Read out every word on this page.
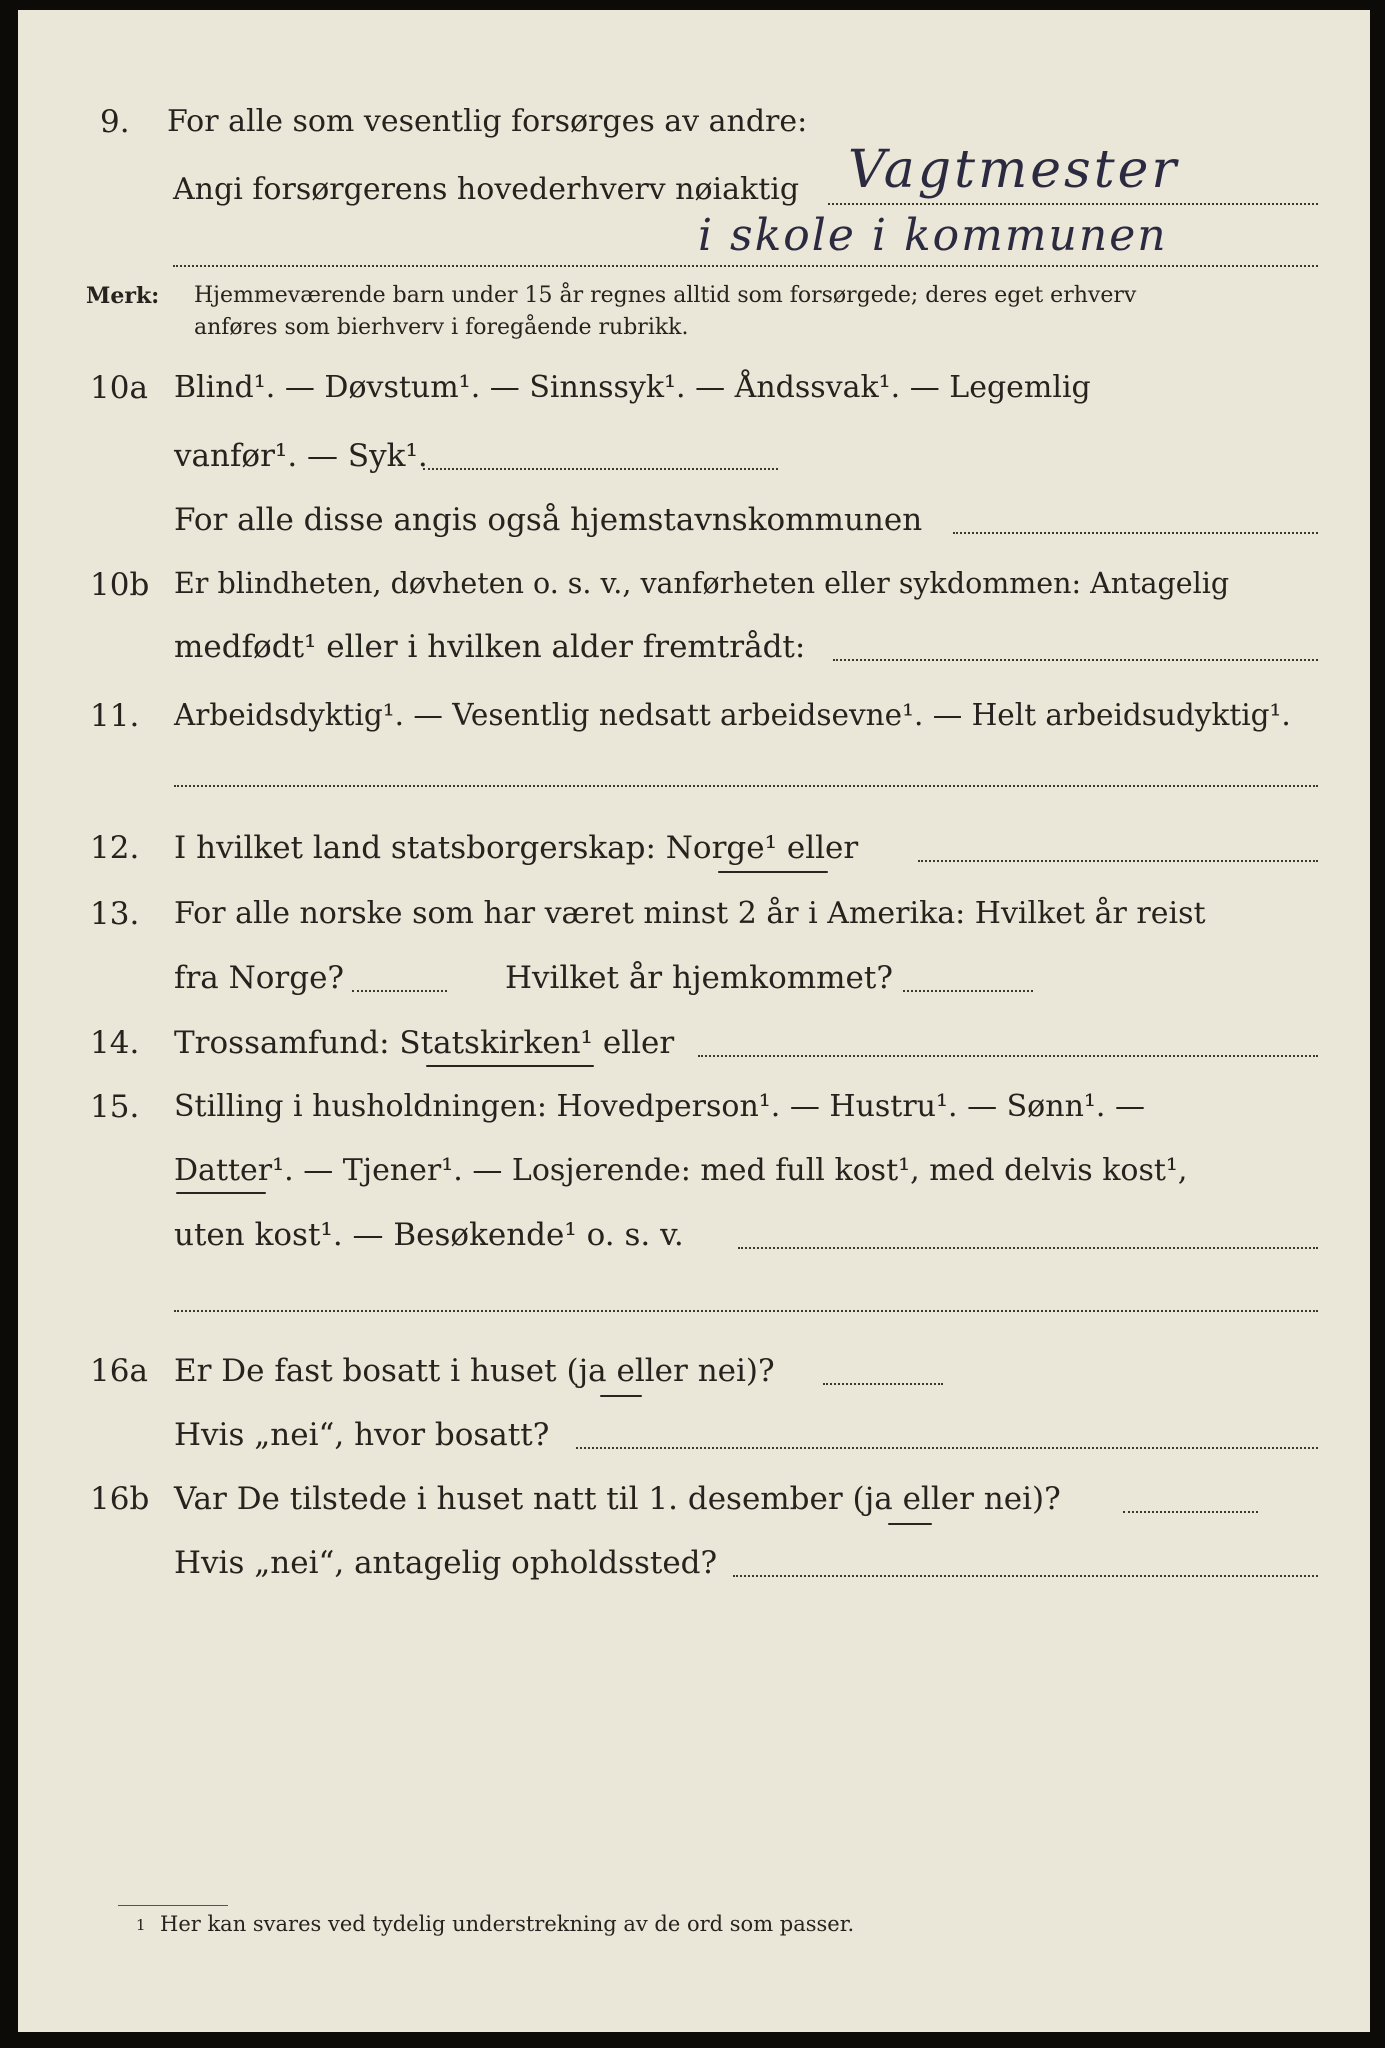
9. For alle som vesentlig forsørges av andre:
Angi forsørgerens hovederhverv nøiaktig Vagtmester
i skole i kommunen
Merk: Hjemmeværende barn under 15 år regnes alltid som forsørgede; deres eget erhverv
anføres som bierhverv i foregående rubrikk.
10a Blind¹. — Døvstum¹. — Sinnssyk¹. — Åndssvak¹. — Legemlig
vanfør¹. — Syk¹.
For alle disse angis også hjemstavnskommunen
10b Er blindheten, døvheten o. s. v., vanførheten eller sykdommen: Antagelig
medfødt¹ eller i hvilken alder fremtrådt:
11. Arbeidsdyktig¹. — Vesentlig nedsatt arbeidsevne¹. — Helt arbeidsudyktig¹.
12. I hvilket land statsborgerskap: Norge¹ eller
13. For alle norske som har været minst 2 år i Amerika: Hvilket år reist
fra Norge?	Hvilket år hjemkommet?
14. Trossamfund: Statskirken¹ eller
15. Stilling i husholdningen: Hovedperson¹. — Hustru¹. — Sønn¹. —
Datter¹. — Tjener¹. — Losjerende: med full kost¹, med delvis kost¹,
uten kost¹. — Besøkende¹ o. s. v.
16a Er De fast bosatt i huset (ja eller nei)?
Hvis „nei“, hvor bosatt?
16b Var De tilstede i huset natt til 1. desember (ja eller nei)?
Hvis „nei“, antagelig opholdssted?
1 Her kan svares ved tydelig understrekning av de ord som passer.
